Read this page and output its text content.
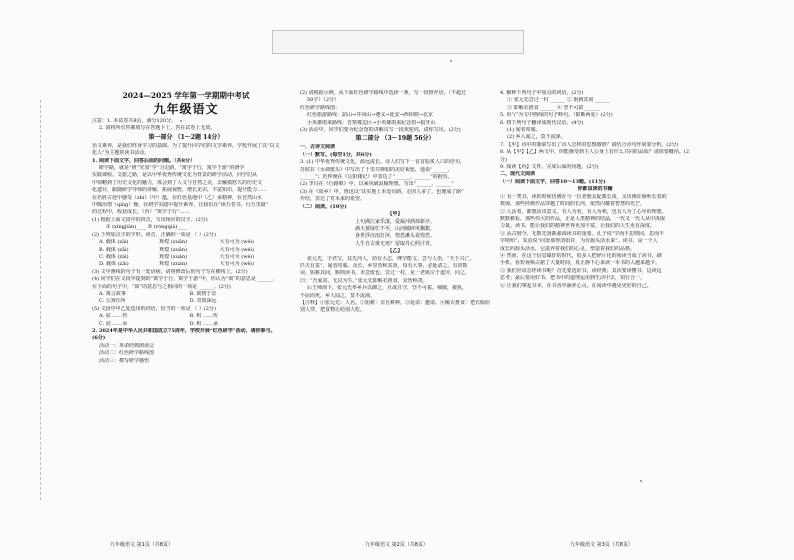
2024—2025 学年第一学期期中考试
九年级语文
注意：1. 本试卷共8页，满分120分。
2. 请将所有答案填写在答题卡上，答在试卷上无效。
第一部分 （1～2题 14分）
语文素养，是我们终身学习的基础。为了提升同学们的文学素养，学校开展了以“以文化人”为主题的读书活动。
1. 阅读下面文字，回答后面的问题。（共8分）
研学路，就是“研”究加“学”习走路，“寓学于行，寓学于游”的研学
实践课程。文旅之路，是以中华优秀传统文化为背景的研学活动，同学们从
中领略到了历史文化的魅力，体会到了人文与自然之美，去触摸悠久的历史文
化遗存，跟随研学导师的讲解，拓展视野，增长见识，丰富知识，提升能力……
在名胜古迹中感受（zhì）（甲）蕴，在红色基地中（乙）承精神，在自然山水
中陶冶情（qíng）操，在研学实践中提升素养，让我们在“读万卷书，行万里路”
的过程中，收获成长。（丙）“寓学于行”……
(1) 根据上面文段中的拼音，写出相应的汉字。(2分)
① (xíngjiàn)____ ② (róngqià)____
(2) 下列加点字的字形、读音，正确的一项是 （ ）(2分)
A. 载体 (zài)	辉煌 (xuān)	大有可为 (wéi)
B. 载体 (zǎi)	辉煌 (xuān)	大有可为 (wéi)
C. 载体 (zài)	辉煌 (xuán)	大有可为 (wèi)
D. 载体 (zǎi)	辉煌 (xuán)	大有可为 (wèi)
(3) 文中画线的句子有一处语病，请将修改后的句子写在横线上。(2分)
(4) 同学们在文段中提到的“寓学于行，寓学于游”中，你认为“寓”的意思是 ______，
在下面的句子中，“寓”的意思与之相同的一项是 ______。(2分)
A. 寓言故事	B. 寓情于景
C. 公寓住所	D. 寄寓深远
(5) 文段中甲乙处选用的词语，恰当的一项是 （ ）(2分)
A. 底 ……传	B. 积 ……传
C. 底 ……承	D. 积 ……承
2. 2024年是中华人民共和国成立75周年，学校开展“红色研学”活动，请你参与。(6分)
活动一：革命经典朗读会
活动二：红色研学路线图
活动三：撰写研学感悟
(2) 请根据示例，从下面红色研学路线中选择一条，写一段推荐语。（不超过
50字）（2分）
红色研学路线图：
红色旅游路线：韶山→井冈山→遵义→延安→西柏坡→北京
小英雄雨来路线：晋察冀边区→小英雄雨来纪念馆→狼牙山
(3) 活动中，同学们要为纪念馆的讲解员写一段欢迎词，请你写出。(2分)
第二部分 （3～19题 56分）
一、古诗文阅读
（一）默写。(每空1分，共6分)
3. (1) 中华优秀传统文化，源远流长。诗人们写下一首首脍炙人口的佳句，
苏轼在《水调歌头》中写出了千里共婵娟的美好祝愿，他说“______，
______”；范仲淹在《岳阳楼记》中表达了“______，______”的抱负。
(2) 李白在《行路难》中，以乘风破浪喻理想，写出“______，______”
(3) 在《故乡》中，鲁迅以“其实地上本没有路，走的人多了，也便成了路”
作结，表达了对未来的希望。
（二）阅读。(10分)
【甲】
上句满江家乐落，爱凝冲酒抹新亭。
满天黄绿忙不至，山河破碎风飘絮，
身世浮沉雨打萍，惶恐滩头说惶恐。
人生自古谁无死？留取丹心照汗青。
【乙】
张元先，字君宝，其先河人，幼有大志，博学能文。尝与人语，“天下兴亡，
匹夫有责”，闻者叹服。及长，乡里皆称其贤，每有大事，必延请之。有田数
亩，躬耕其间，暇则读书，未尝废也。尝过一村，见一老妪泣于道旁，问之，
曰：“吾家贫，无以为生。”张元先即解衣推食，众皆称善。
后王师南下，张元先率乡兵以御之，且战且守，坚不可拔。城破，被执，
不屈而死。乡人闻之，莫不流涕。
【注释】①张元先：人名。②躬耕：亲自耕种。③延请：邀请。④解衣推食：把衣服给别人穿，把食物让给别人吃。
4. 解释下列句子中加点的词语。(2分)
① 张元先尝过一村 ______ ② 躬耕其间 ______
③ 即解衣推食 ______ ④ 坚不可拔 ______
5. 用“/”为文中画线的句子断句。（限断两处）(2分)
6. 将下列句子翻译成现代汉语。(4分)
(1) 闻者叹服。
(2) 乡人闻之，莫不流涕。
7. 【甲】诗中的颔联写出了诗人怎样的思想感情？请结合诗句作简要分析。(2分)
8. 从【甲】【乙】两文中，你能感受到主人公身上有什么共同的品质？请简要概括。(2分)
9. 阅读【丙】文件，完成后面的问题。(2分)
二、现代文阅读
（一）阅读下面文字，回答10～13题。(11分)
你都该读的书籍
① 有一类书，读的时候仿佛在与一位老朋友促膝长谈，又仿佛在倾听长者的
教诲，那些经典作品穿越了时间的长河，依然闪耀着智慧的光芒。
② 人活着，都想活出意义，有人为名，有人为利，也有人为了心中的理想，
默默耕耘。那些伟大的作品，正是人类精神的结晶，一代又一代人从中汲取
力量。读书，能让我们的精神世界更加丰富，让我们的人生更有深度。
③ 从古到今，无数先贤都强调读书的重要。孔子说“学而不思则罔，思而不
学则殆”，朱熹说“问渠那得清如许，为有源头活水来”。读书，是一个人
成长的源头活水，它滋养着我们的心灵，塑造着我们的品格。
④ 然而，在这个信息爆炸的时代，很多人把碎片化的阅读当成了读书，刷
手机、看短视频占据了大量时间，真正静下心来读一本书的人越来越少。
⑤ 我们应该怎样读书呢？首先要选好书，读经典；其次要读懂书，边读边
思考；最后要用好书，把书中的道理运用到生活中去，知行合一。
⑥ 让我们拿起书本，在书香中涵养心灵，在阅读中遇见更好的自己。
九年级语文 第1页（共8页）	九年级语文 第2页（共8页）	九年级语文 第3页（共8页）
